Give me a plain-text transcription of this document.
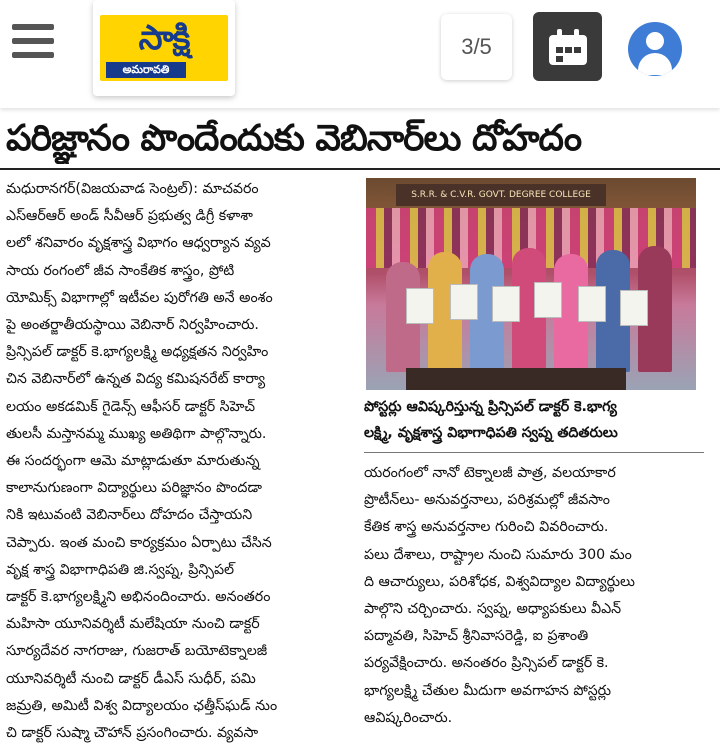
సాక్షి
అమరావతి
3/5
పరిజ్ఞానం పొందేందుకు వెబినార్‌లు దోహదం
మధురానగర్(విజయవాడ సెంట్రల్): మాచవరం
ఎస్ఆర్ఆర్ అండ్ సీవీఆర్ ప్రభుత్వ డిగ్రీ కళాశా
లలో శనివారం వృక్షశాస్త్ర విభాగం ఆధ్వర్యాన వ్యవ
సాయ రంగంలో జీవ సాంకేతిక శాస్త్రం, ప్రోటి
యోమిక్స్ విభాగాల్లో ఇటీవల పురోగతి అనే అంశం
పై అంతర్జాతీయస్థాయి వెబినార్ నిర్వహించారు.
ప్రిన్సిపల్ డాక్టర్ కె.భాగ్యలక్ష్మి అధ్యక్షతన నిర్వహిం
చిన వెబినార్‌లో ఉన్నత విద్య కమిషనరేట్ కార్యా
లయం అకడమిక్ గైడెన్స్ ఆఫీసర్ డాక్టర్ సిహెచ్
తులసీ మస్తానమ్మ ముఖ్య అతిథిగా పాల్గొన్నారు.
ఈ సందర్భంగా ఆమె మాట్లాడుతూ మారుతున్న
కాలానుగుణంగా విద్యార్థులు పరిజ్ఞానం పొందడా
నికి ఇటువంటి వెబినార్‌లు దోహదం చేస్తాయని
చెప్పారు. ఇంత మంచి కార్యక్రమం ఏర్పాటు చేసిన
వృక్ష శాస్త్ర విభాగాధిపతి జి.స్వప్న, ప్రిన్సిపల్
డాక్టర్ కె.భాగ్యలక్ష్మిని అభినందించారు. అనంతరం
మహిసా యూనివర్శిటీ మలేషియా నుంచి డాక్టర్
సూర్యదేవర నాగరాజు, గుజరాత్ బయోటెక్నాలజీ
యూనివర్శిటీ నుంచి డాక్టర్ డీఎస్ సుధీర్, పమి
జమ్రతి, అమిటీ విశ్వ విద్యాలయం ఛత్తీస్‌ఘడ్ నుం
చి డాక్టర్ సుష్మా చౌహాన్ ప్రసంగించారు. వ్యవసా
S.R.R. & C.V.R. GOVT. DEGREE COLLEGE
పోస్టర్లు ఆవిష్కరిస్తున్న ప్రిన్సిపల్ డాక్టర్ కె.భాగ్య
లక్ష్మి, వృక్షశాస్త్ర విభాగాధిపతి స్వప్న తదితరులు
యరంగంలో నానో టెక్నాలజీ పాత్ర, వలయాకార
ప్రొటీన్‌లు- అనువర్తనాలు, పరిశ్రమల్లో జీవసాం
కేతిక శాస్త్ర అనువర్తనాల గురించి వివరించారు.
పలు దేశాలు, రాష్ట్రాల నుంచి సుమారు 300 మం
ది ఆచార్యులు, పరిశోధక, విశ్వవిద్యాల విద్యార్థులు
పాల్గొని చర్చించారు. స్వప్న, అధ్యాపకులు వీఎన్
పద్మావతి, సిహెచ్ శ్రీనివాసరెడ్డి, ఐ ప్రశాంతి
పర్యవేక్షించారు. అనంతరం ప్రిన్సిపల్ డాక్టర్ కె.
భాగ్యలక్ష్మి చేతుల మీదుగా అవగాహన పోస్టర్లు
ఆవిష్కరించారు.
